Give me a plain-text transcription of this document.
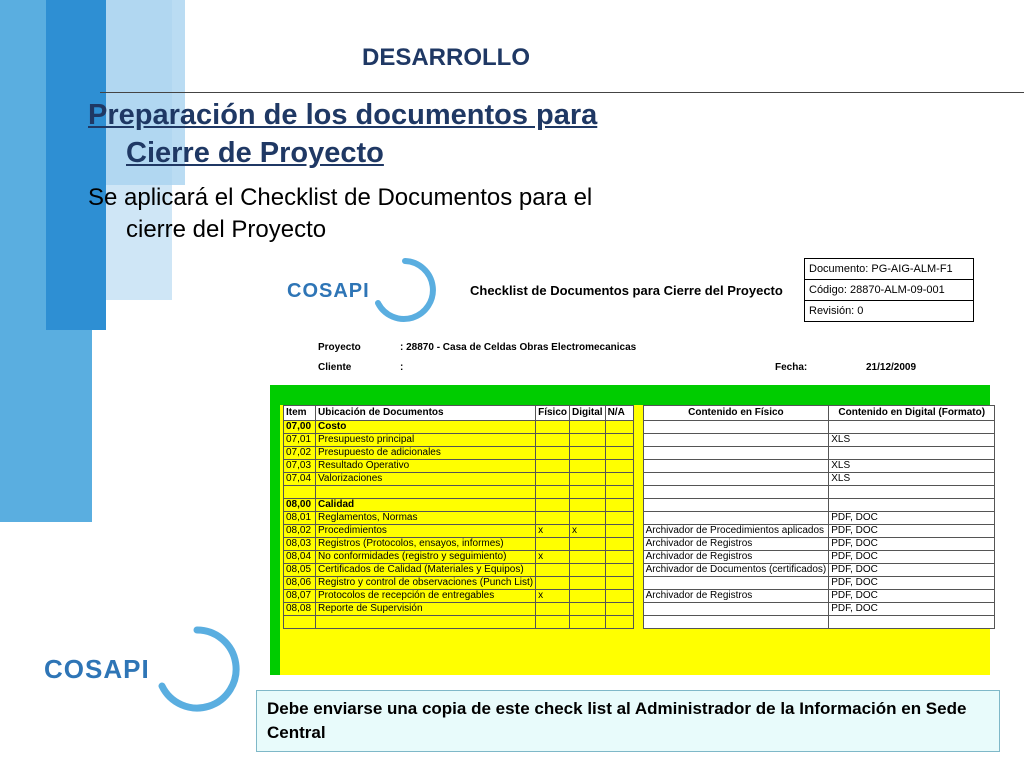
DESARROLLO
Preparación de los documentos para
Cierre de Proyecto
Se aplicará el Checklist de Documentos para el
cierre del Proyecto
COSAPI	Checklist de Documentos para Cierre del Proyecto
Documento: PG-AIG-ALM-F1
Código: 28870-ALM-09-001
Revisión: 0
Proyecto	: 28870 - Casa de Celdas Obras Electromecanicas
Cliente	:	Fecha:	21/12/2009
Item	Ubicación de Documentos	Físico	Digital	N/A		Contenido en Físico	Contenido en Digital (Formato)
07,00	Costo						
07,01	Presupuesto principal						XLS
07,02	Presupuesto de adicionales						
07,03	Resultado Operativo						XLS
07,04	Valorizaciones						XLS

08,00	Calidad						
08,01	Reglamentos, Normas						PDF, DOC
08,02	Procedimientos	x	x			Archivador de Procedimientos aplicados	PDF, DOC
08,03	Registros (Protocolos, ensayos, informes)					Archivador de Registros	PDF, DOC
08,04	No conformidades (registro y seguimiento)	x				Archivador de Registros	PDF, DOC
08,05	Certificados de Calidad (Materiales y Equipos)					Archivador de Documentos (certificados)	PDF, DOC
08,06	Registro y control de observaciones (Punch List)						PDF, DOC
08,07	Protocolos de recepción de entregables	x				Archivador de Registros	PDF, DOC
08,08	Reporte de Supervisión						PDF, DOC

COSAPI
Debe enviarse una copia de este check list al Administrador de la Información en Sede Central
